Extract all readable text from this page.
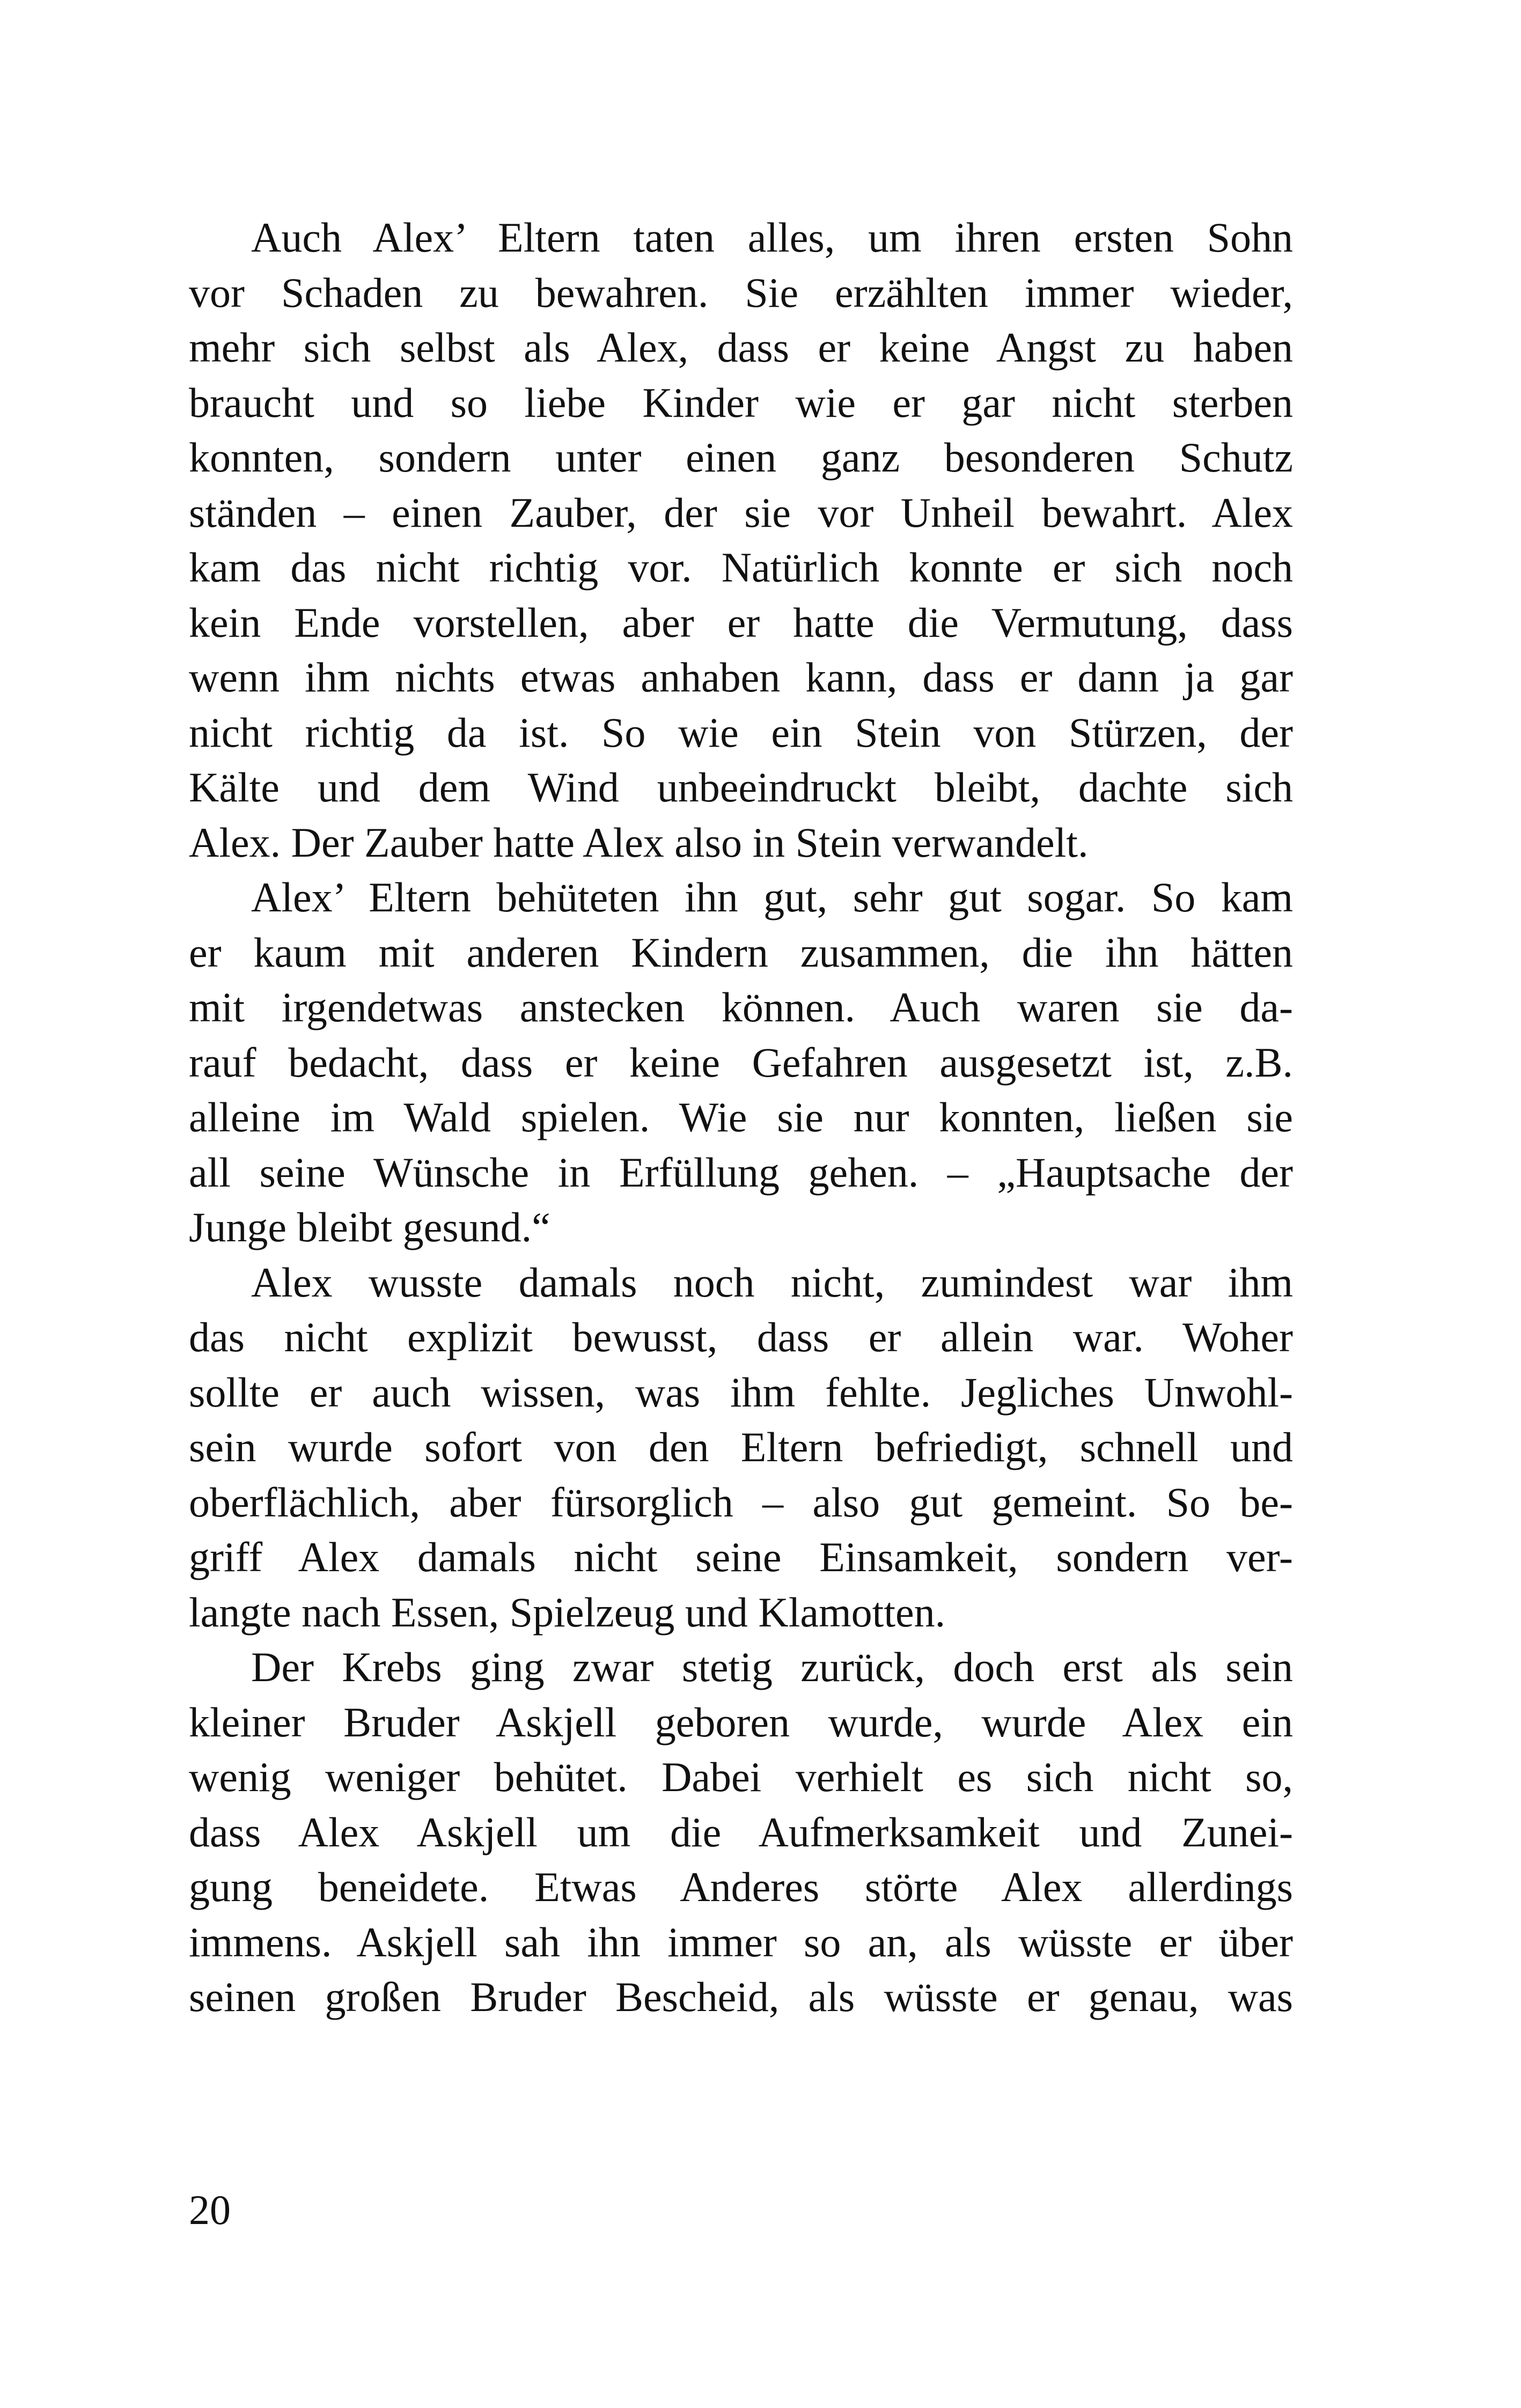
Auch Alex’ Eltern taten alles, um ihren ersten Sohn
vor Schaden zu bewahren. Sie erzählten immer wieder,
mehr sich selbst als Alex, dass er keine Angst zu haben
braucht und so liebe Kinder wie er gar nicht sterben
konnten, sondern unter einen ganz besonderen Schutz
ständen – einen Zauber, der sie vor Unheil bewahrt. Alex
kam das nicht richtig vor. Natürlich konnte er sich noch
kein Ende vorstellen, aber er hatte die Vermutung, dass
wenn ihm nichts etwas anhaben kann, dass er dann ja gar
nicht richtig da ist. So wie ein Stein von Stürzen, der
Kälte und dem Wind unbeeindruckt bleibt, dachte sich
Alex. Der Zauber hatte Alex also in Stein verwandelt.
Alex’ Eltern behüteten ihn gut, sehr gut sogar. So kam
er kaum mit anderen Kindern zusammen, die ihn hätten
mit irgendetwas anstecken können. Auch waren sie da-
rauf bedacht, dass er keine Gefahren ausgesetzt ist, z.B.
alleine im Wald spielen. Wie sie nur konnten, ließen sie
all seine Wünsche in Erfüllung gehen. – „Hauptsache der
Junge bleibt gesund.“
Alex wusste damals noch nicht, zumindest war ihm
das nicht explizit bewusst, dass er allein war. Woher
sollte er auch wissen, was ihm fehlte. Jegliches Unwohl-
sein wurde sofort von den Eltern befriedigt, schnell und
oberflächlich, aber fürsorglich – also gut gemeint. So be-
griff Alex damals nicht seine Einsamkeit, sondern ver-
langte nach Essen, Spielzeug und Klamotten.
Der Krebs ging zwar stetig zurück, doch erst als sein
kleiner Bruder Askjell geboren wurde, wurde Alex ein
wenig weniger behütet. Dabei verhielt es sich nicht so,
dass Alex Askjell um die Aufmerksamkeit und Zunei-
gung beneidete. Etwas Anderes störte Alex allerdings
immens. Askjell sah ihn immer so an, als wüsste er über
seinen großen Bruder Bescheid, als wüsste er genau, was
20
